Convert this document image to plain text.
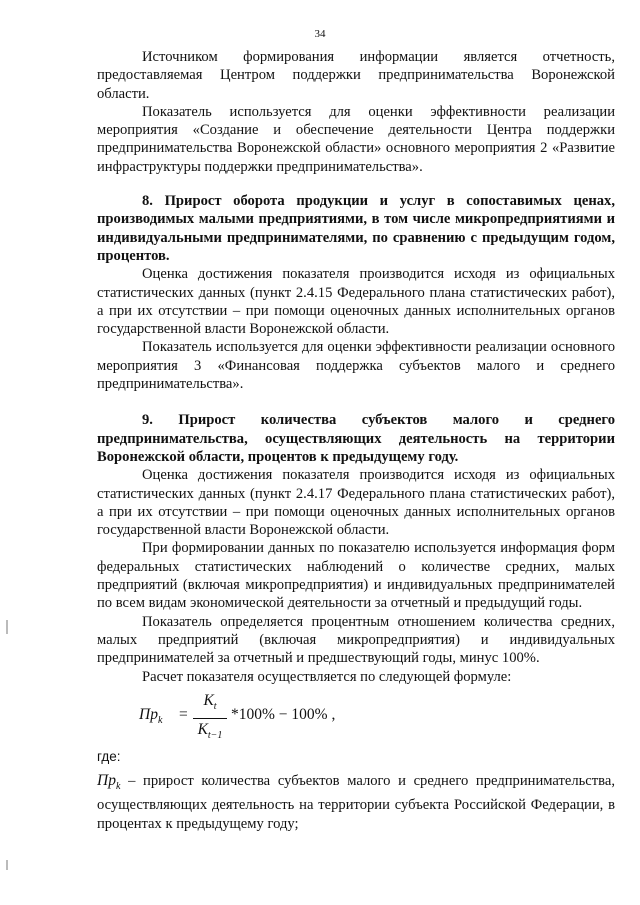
34

Источником формирования информации является отчетность, предоставляемая Центром поддержки предпринимательства Воронежской области.

Показатель используется для оценки эффективности реализации мероприятия «Создание и обеспечение деятельности Центра поддержки предпринимательства Воронежской области» основного мероприятия 2 «Развитие инфраструктуры поддержки предпринимательства».

8. Прирост оборота продукции и услуг в сопоставимых ценах, производимых малыми предприятиями, в том числе микропредприятиями и индивидуальными предпринимателями, по сравнению с предыдущим годом, процентов.

Оценка достижения показателя производится исходя из официальных статистических данных (пункт 2.4.15 Федерального плана статистических работ), а при их отсутствии – при помощи оценочных данных исполнительных органов государственной власти Воронежской области.

Показатель используется для оценки эффективности реализации основного мероприятия 3 «Финансовая поддержка субъектов малого и среднего предпринимательства».

9. Прирост количества субъектов малого и среднего предпринимательства, осуществляющих деятельность на территории Воронежской области, процентов к предыдущему году.

Оценка достижения показателя производится исходя из официальных статистических данных (пункт 2.4.17 Федерального плана статистических работ), а при их отсутствии – при помощи оценочных данных исполнительных органов государственной власти Воронежской области.

При формировании данных по показателю используется информация форм федеральных статистических наблюдений о количестве средних, малых предприятий (включая микропредприятия) и индивидуальных предпринимателей по всем видам экономической деятельности за отчетный и предыдущий годы.

Показатель определяется процентным отношением количества средних, малых предприятий (включая микропредприятия) и индивидуальных предпринимателей за отчетный и предшествующий годы, минус 100%.

Расчет показателя осуществляется по следующей формуле:

$Пр_k$ =
$K_t$
$K_{t-1}$
*100% − 100% ,

где:

$Пр_k$ – прирост количества субъектов малого и среднего предпринимательства, осуществляющих деятельность на территории субъекта Российской Федерации, в процентах к предыдущему году;
